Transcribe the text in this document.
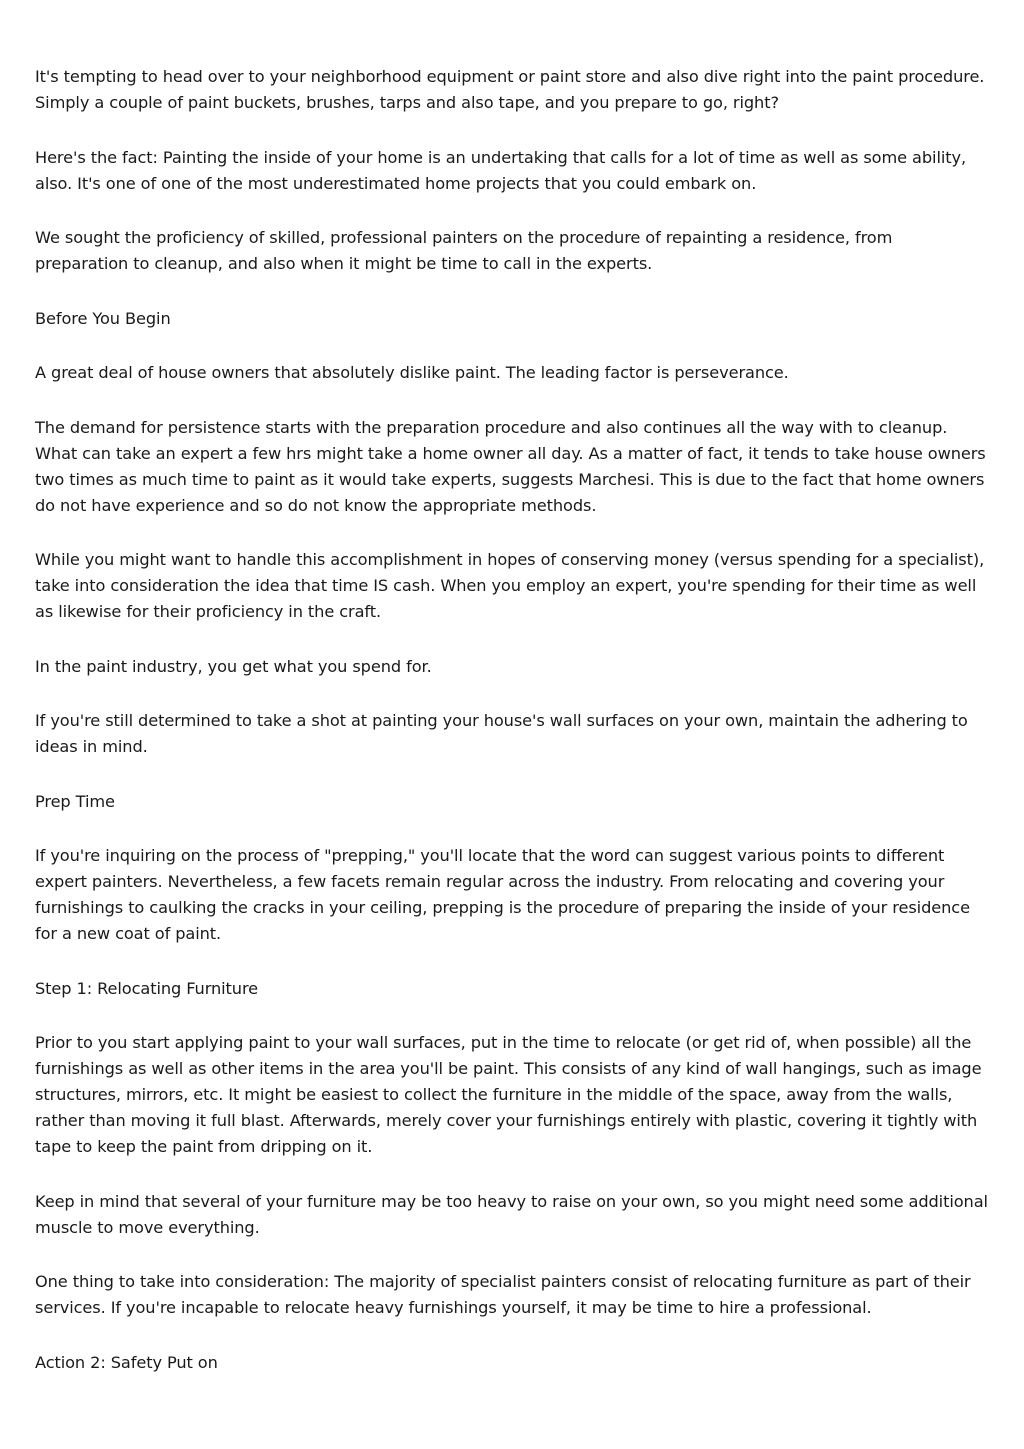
It's tempting to head over to your neighborhood equipment or paint store and also dive right into the paint procedure. Simply a couple of paint buckets, brushes, tarps and also tape, and you prepare to go, right?

Here's the fact: Painting the inside of your home is an undertaking that calls for a lot of time as well as some ability, also. It's one of one of the most underestimated home projects that you could embark on.

We sought the proficiency of skilled, professional painters on the procedure of repainting a residence, from preparation to cleanup, and also when it might be time to call in the experts.

Before You Begin

A great deal of house owners that absolutely dislike paint. The leading factor is perseverance.

The demand for persistence starts with the preparation procedure and also continues all the way with to cleanup. What can take an expert a few hrs might take a home owner all day. As a matter of fact, it tends to take house owners two times as much time to paint as it would take experts, suggests Marchesi. This is due to the fact that home owners do not have experience and so do not know the appropriate methods.

While you might want to handle this accomplishment in hopes of conserving money (versus spending for a specialist), take into consideration the idea that time IS cash. When you employ an expert, you're spending for their time as well as likewise for their proficiency in the craft.

In the paint industry, you get what you spend for.

If you're still determined to take a shot at painting your house's wall surfaces on your own, maintain the adhering to ideas in mind.

Prep Time

If you're inquiring on the process of "prepping," you'll locate that the word can suggest various points to different expert painters. Nevertheless, a few facets remain regular across the industry. From relocating and covering your furnishings to caulking the cracks in your ceiling, prepping is the procedure of preparing the inside of your residence for a new coat of paint.

Step 1: Relocating Furniture

Prior to you start applying paint to your wall surfaces, put in the time to relocate (or get rid of, when possible) all the furnishings as well as other items in the area you'll be paint. This consists of any kind of wall hangings, such as image structures, mirrors, etc. It might be easiest to collect the furniture in the middle of the space, away from the walls, rather than moving it full blast. Afterwards, merely cover your furnishings entirely with plastic, covering it tightly with tape to keep the paint from dripping on it.

Keep in mind that several of your furniture may be too heavy to raise on your own, so you might need some additional muscle to move everything.

One thing to take into consideration: The majority of specialist painters consist of relocating furniture as part of their services. If you're incapable to relocate heavy furnishings yourself, it may be time to hire a professional.

Action 2: Safety Put on
